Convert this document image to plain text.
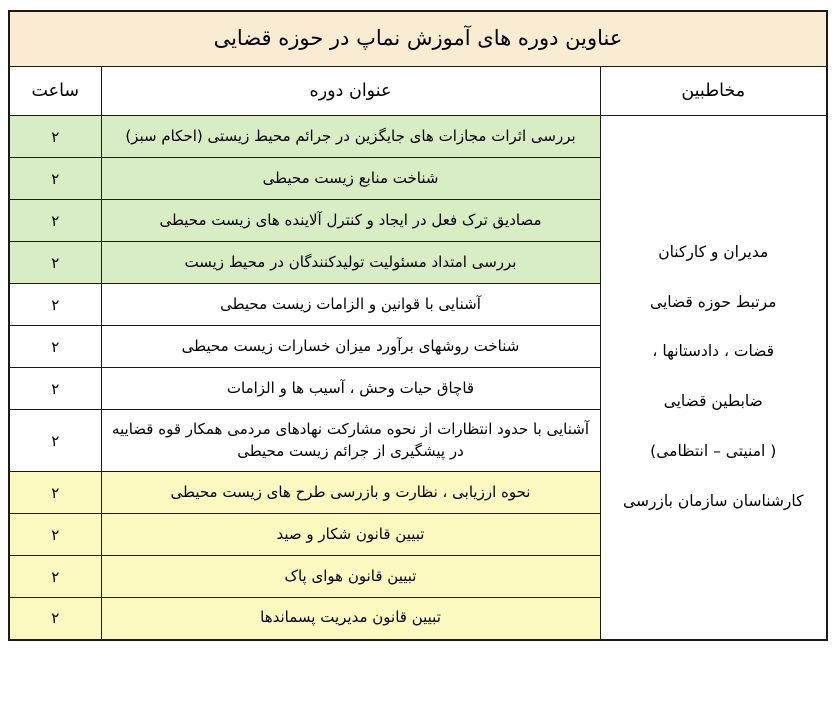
عناوین دوره های آموزش نماپ در حوزه قضایی		
مخاطبین	عنوان دوره	ساعت

مدیران و کارکنان
مرتبط حوزه قضایی
قضات ، دادستانها ،
ضابطین قضایی
( امنیتی – انتظامی)
کارشناسان سازمان بازرسی
	بررسی اثرات مجازات های جایگزین در جرائم محیط زیستی (احکام سبز)	۲
	شناخت منابع زیست محیطی	۲
	مصادیق ترک فعل در ایجاد و کنترل آلاینده های زیست محیطی	۲
	بررسی امتداد مسئولیت تولیدکنندگان در محیط زیست	۲
	آشنایی با قوانین و الزامات زیست محیطی	۲
	شناخت روشهای برآورد میزان خسارات زیست محیطی	۲
	قاچاق حیات وحش ، آسیب ها و الزامات	۲
	آشنایی با حدود انتظارات از نحوه مشارکت نهادهای مردمی همکار قوه قضاییه در پیشگیری از جرائم زیست محیطی	۲
	نحوه ارزیابی ، نظارت و بازرسی طرح های زیست محیطی	۲
	تبیین قانون شکار و صید	۲
	تبیین قانون هوای پاک	۲
	تبیین قانون مدیریت پسماندها	۲
